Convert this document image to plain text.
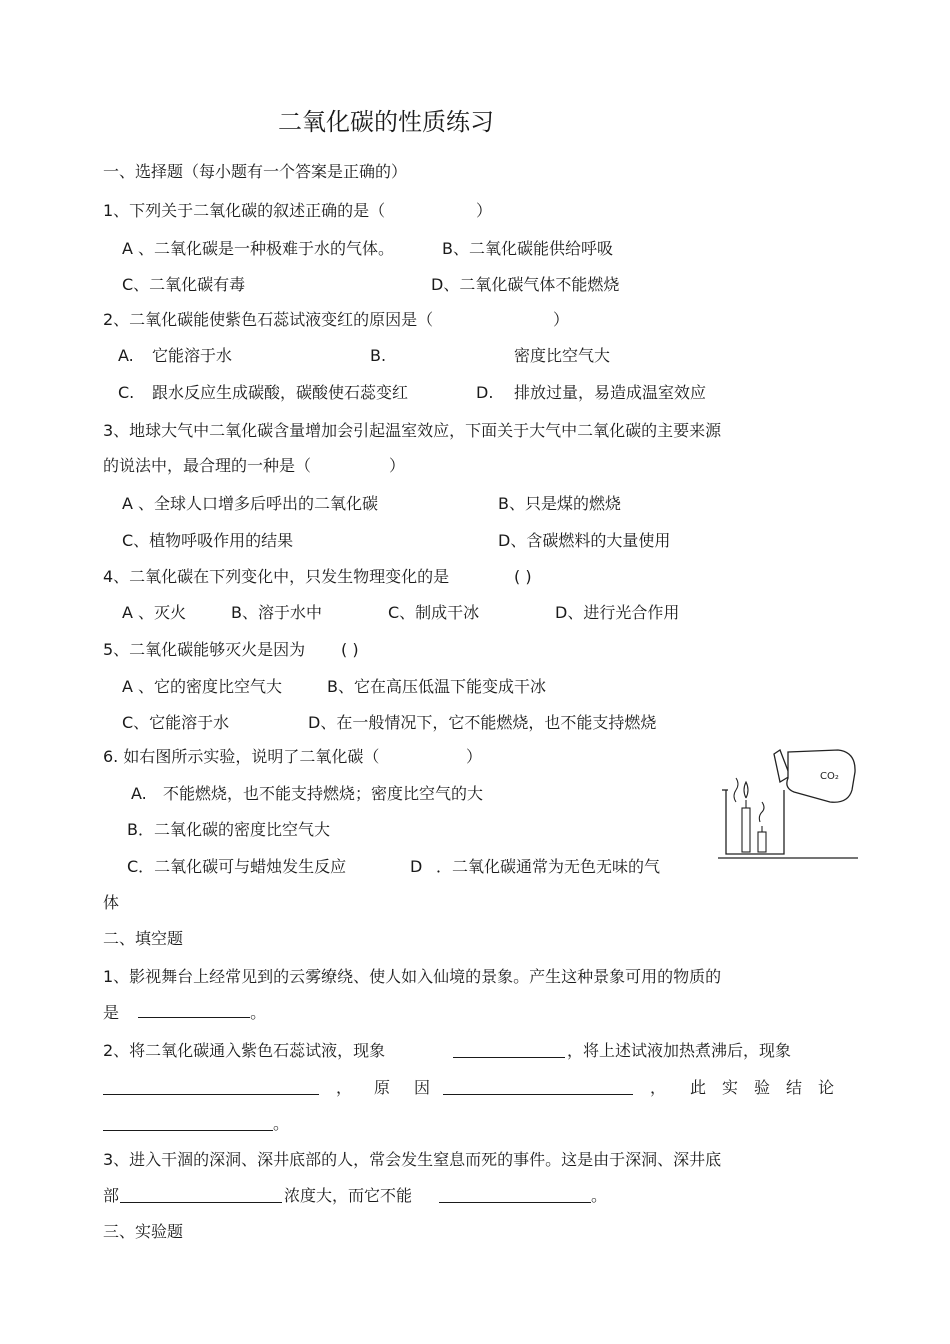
二氧化碳的性质练习
一、选择题（每小题有一个答案是正确的）
1、下列关于二氧化碳的叙述正确的是（	）
A 、二氧化碳是一种极难于水的气体。	B、二氧化碳能供给呼吸
C、二氧化碳有毒	D、二氧化碳气体不能燃烧
2、二氧化碳能使紫色石蕊试液变红的原因是（	）
A. 它能溶于水	B.	密度比空气大
C. 跟水反应生成碳酸，碳酸使石蕊变红	D. 排放过量，易造成温室效应
3、地球大气中二氧化碳含量增加会引起温室效应，下面关于大气中二氧化碳的主要来源
的说法中，最合理的一种是（	）
A 、全球人口增多后呼出的二氧化碳	B、只是煤的燃烧
C、植物呼吸作用的结果	D、含碳燃料的大量使用
4、二氧化碳在下列变化中，只发生物理变化的是	( )
A 、灭火	B、溶于水中	C、制成干冰	D、进行光合作用
5、二氧化碳能够灭火是因为 ( )
A 、它的密度比空气大	B、它在高压低温下能变成干冰
C、它能溶于水	D、在一般情况下，它不能燃烧，也不能支持燃烧
6. 如右图所示实验，说明了二氧化碳（	）
A. 不能燃烧，也不能支持燃烧；密度比空气的大
B．二氧化碳的密度比空气大
C．二氧化碳可与蜡烛发生反应	D ．二氧化碳通常为无色无味的气
体
CO₂
二、填空题
1、影视舞台上经常见到的云雾缭绕、使人如入仙境的景象。产生这种景象可用的物质的
是	。
2、将二氧化碳通入紫色石蕊试液，现象	，将上述试液加热煮沸后，现象
， 原　因	， 此　实　验　结　论
。
3、进入干涸的深洞、深井底部的人，常会发生窒息而死的事件。这是由于深洞、深井底
部	浓度大，而它不能	。
三、实验题
